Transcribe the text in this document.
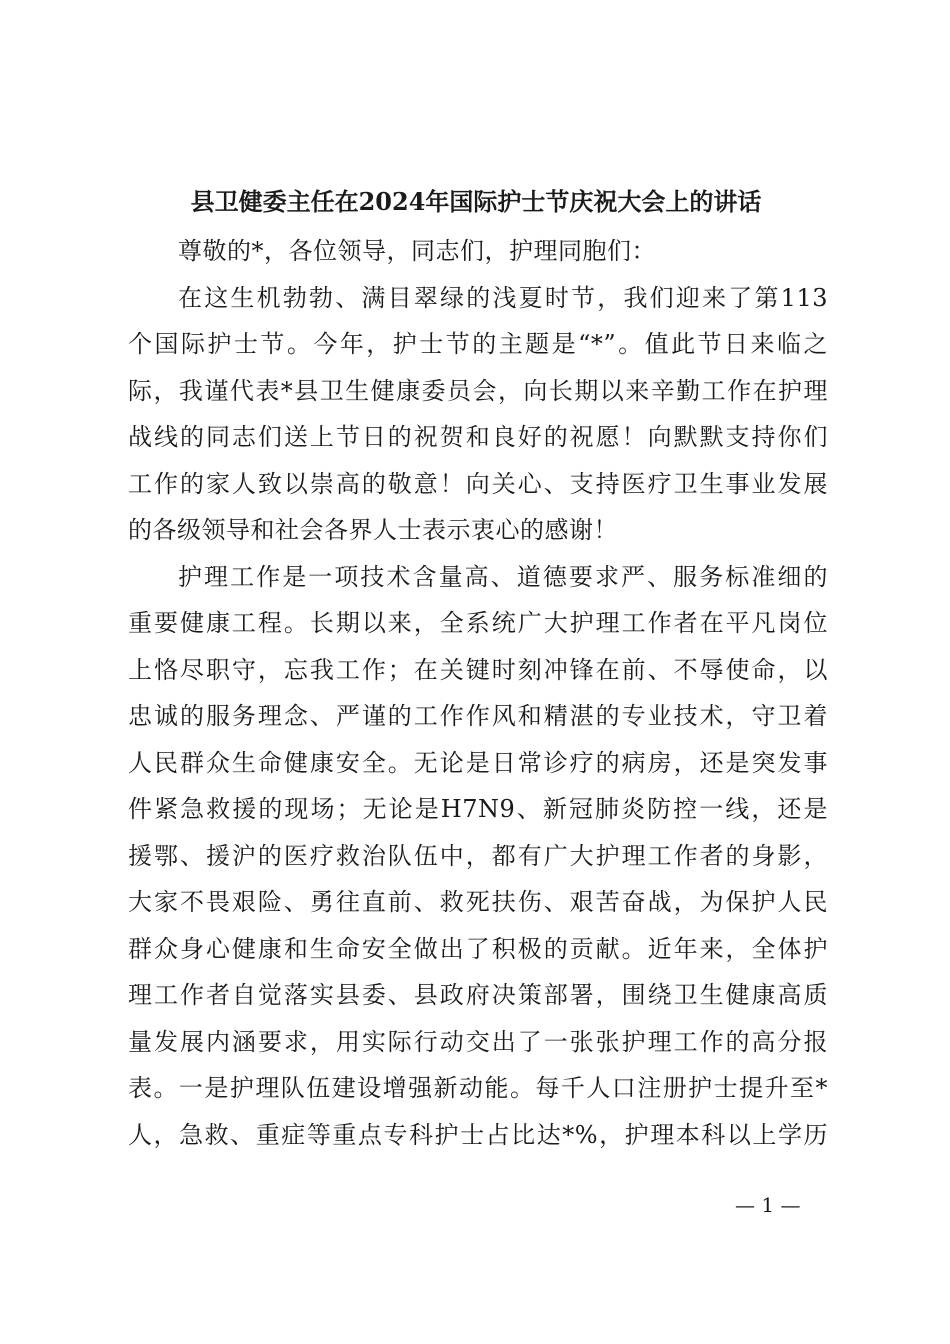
县卫健委主任在2024年国际护士节庆祝大会上的讲话
尊敬的*，各位领导，同志们，护理同胞们：
在这生机勃勃、满目翠绿的浅夏时节，我们迎来了第113
个国际护士节。今年，护士节的主题是“*”。值此节日来临之
际，我谨代表*县卫生健康委员会，向长期以来辛勤工作在护理
战线的同志们送上节日的祝贺和良好的祝愿！向默默支持你们
工作的家人致以崇高的敬意！向关心、支持医疗卫生事业发展
的各级领导和社会各界人士表示衷心的感谢！
护理工作是一项技术含量高、道德要求严、服务标准细的
重要健康工程。长期以来，全系统广大护理工作者在平凡岗位
上恪尽职守，忘我工作；在关键时刻冲锋在前、不辱使命，以
忠诚的服务理念、严谨的工作作风和精湛的专业技术，守卫着
人民群众生命健康安全。无论是日常诊疗的病房，还是突发事
件紧急救援的现场；无论是H7N9、新冠肺炎防控一线，还是
援鄂、援沪的医疗救治队伍中，都有广大护理工作者的身影，
大家不畏艰险、勇往直前、救死扶伤、艰苦奋战，为保护人民
群众身心健康和生命安全做出了积极的贡献。近年来，全体护
理工作者自觉落实县委、县政府决策部署，围绕卫生健康高质
量发展内涵要求，用实际行动交出了一张张护理工作的高分报
表。一是护理队伍建设增强新动能。每千人口注册护士提升至*
人，急救、重症等重点专科护士占比达*%，护理本科以上学历
— 1 —
